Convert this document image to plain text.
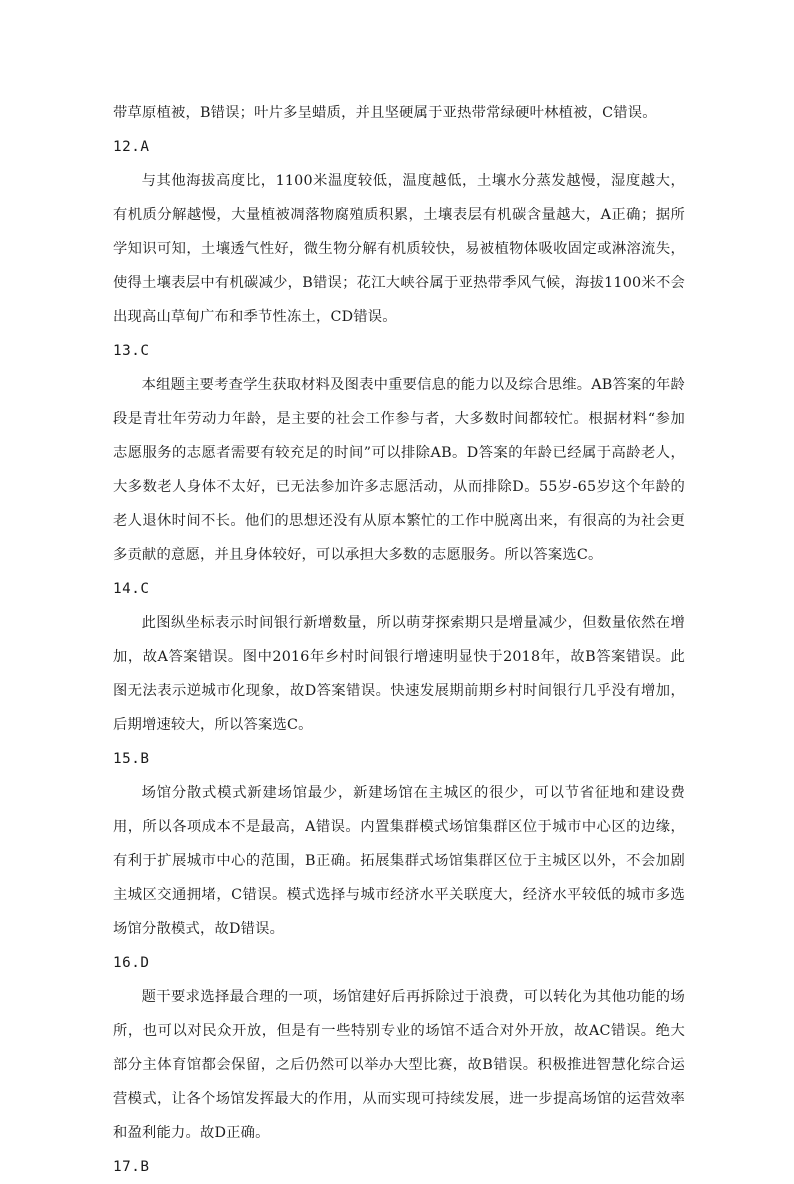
带草原植被，B错误；叶片多呈蜡质，并且坚硬属于亚热带常绿硬叶林植被，C错误。

12.A

与其他海拔高度比，1100米温度较低，温度越低，土壤水分蒸发越慢，湿度越大，有机质分解越慢，大量植被凋落物腐殖质积累，土壤表层有机碳含量越大，A正确；据所学知识可知，土壤透气性好，微生物分解有机质较快，易被植物体吸收固定或淋溶流失，使得土壤表层中有机碳减少，B错误；花江大峡谷属于亚热带季风气候，海拔1100米不会出现高山草甸广布和季节性冻土，CD错误。

13.C

本组题主要考查学生获取材料及图表中重要信息的能力以及综合思维。AB答案的年龄段是青壮年劳动力年龄，是主要的社会工作参与者，大多数时间都较忙。根据材料“参加志愿服务的志愿者需要有较充足的时间”可以排除AB。D答案的年龄已经属于高龄老人，大多数老人身体不太好，已无法参加许多志愿活动，从而排除D。55岁-65岁这个年龄的老人退休时间不长。他们的思想还没有从原本繁忙的工作中脱离出来，有很高的为社会更多贡献的意愿，并且身体较好，可以承担大多数的志愿服务。所以答案选C。

14.C

此图纵坐标表示时间银行新增数量，所以萌芽探索期只是增量减少，但数量依然在增加，故A答案错误。图中2016年乡村时间银行增速明显快于2018年，故B答案错误。此图无法表示逆城市化现象，故D答案错误。快速发展期前期乡村时间银行几乎没有增加，后期增速较大，所以答案选C。

15.B

场馆分散式模式新建场馆最少，新建场馆在主城区的很少，可以节省征地和建设费用，所以各项成本不是最高，A错误。内置集群模式场馆集群区位于城市中心区的边缘，有利于扩展城市中心的范围，B正确。拓展集群式场馆集群区位于主城区以外，不会加剧主城区交通拥堵，C错误。模式选择与城市经济水平关联度大，经济水平较低的城市多选场馆分散模式，故D错误。

16.D

题干要求选择最合理的一项，场馆建好后再拆除过于浪费，可以转化为其他功能的场所，也可以对民众开放，但是有一些特别专业的场馆不适合对外开放，故AC错误。绝大部分主体育馆都会保留，之后仍然可以举办大型比赛，故B错误。积极推进智慧化综合运营模式，让各个场馆发挥最大的作用，从而实现可持续发展，进一步提高场馆的运营效率和盈利能力。故D正确。

17.B
